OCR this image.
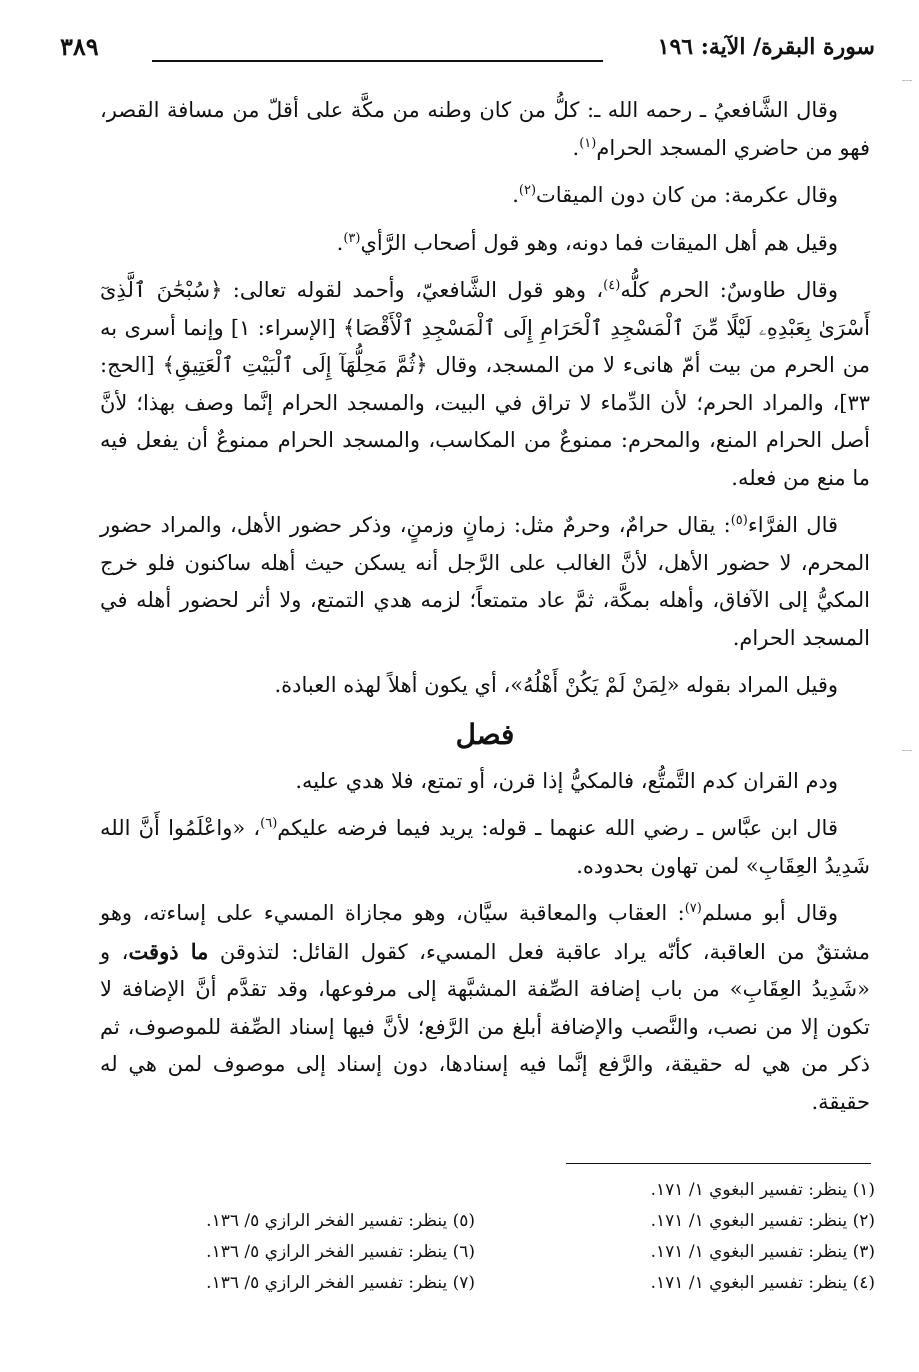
سورة البقرة/ الآية: ١٩٦
٣٨٩

وقال الشَّافعيُ ـ رحمه الله ـ: كلُّ من كان وطنه من مكَّة على أقلّ من مسافة القصر، فهو من حاضري المسجد الحرام$^{(١)}$.

وقال عكرمة: من كان دون الميقات$^{(٢)}$.

وقيل هم أهل الميقات فما دونه، وهو قول أصحاب الرَّأي$^{(٣)}$.

وقال طاوسٌ: الحرم كلُّه$^{(٤)}$، وهو قول الشَّافعيّ، وأحمد لقوله تعالى: ﴿سُبْحَٰنَ ٱلَّذِىٓ أَسْرَىٰ بِعَبْدِهِۦ لَيْلًا مِّنَ ٱلْمَسْجِدِ ٱلْحَرَامِ إِلَى ٱلْمَسْجِدِ ٱلْأَقْصَا﴾ [الإسراء: ١] وإنما أسرى به من الحرم من بيت أمّ هانىء لا من المسجد، وقال ﴿ثُمَّ مَحِلُّهَآ إِلَى ٱلْبَيْتِ ٱلْعَتِيقِ﴾ [الحج: ٣٣]، والمراد الحرم؛ لأن الدِّماء لا تراق في البيت، والمسجد الحرام إنَّما وصف بهذا؛ لأنَّ أصل الحرام المنع، والمحرم: ممنوعٌ من المكاسب، والمسجد الحرام ممنوعٌ أن يفعل فيه ما منع من فعله.

قال الفرَّاء$^{(٥)}$: يقال حرامٌ، وحرمٌ مثل: زمانٍ وزمنٍ، وذكر حضور الأهل، والمراد حضور المحرم، لا حضور الأهل، لأنَّ الغالب على الرَّجل أنه يسكن حيث أهله ساكنون فلو خرج المكيُّ إلى الآفاق، وأهله بمكَّة، ثمَّ عاد متمتعاً؛ لزمه هدي التمتع، ولا أثر لحضور أهله في المسجد الحرام.

وقيل المراد بقوله «لِمَنْ لَمْ يَكُنْ أَهْلُهُ»، أي يكون أهلاً لهذه العبادة.

فصل

ودم القران كدم التَّمتُّع، فالمكيُّ إذا قرن، أو تمتع، فلا هدي عليه.

قال ابن عبَّاس ـ رضي الله عنهما ـ قوله: يريد فيما فرضه عليكم$^{(٦)}$، «واعْلَمُوا أَنَّ الله شَدِيدُ العِقَابِ» لمن تهاون بحدوده.

وقال أبو مسلم$^{(٧)}$: العقاب والمعاقبة سيَّان، وهو مجازاة المسيء على إساءته، وهو مشتقٌ من العاقبة، كأنّه يراد عاقبة فعل المسيء، كقول القائل: لتذوقن ما ذوقت، و «شَدِيدُ العِقَابِ» من باب إضافة الصِّفة المشبَّهة إلى مرفوعها، وقد تقدَّم أنَّ الإضافة لا تكون إلا من نصب، والنَّصب والإضافة أبلغ من الرَّفع؛ لأنَّ فيها إسناد الصِّفة للموصوف، ثم ذكر من هي له حقيقة، والرَّفع إنَّما فيه إسنادها، دون إسناد إلى موصوف لمن هي له حقيقة.

(١) ينظر: تفسير البغوي ١/ ١٧١.
(٢) ينظر: تفسير البغوي ١/ ١٧١.
(٣) ينظر: تفسير البغوي ١/ ١٧١.
(٤) ينظر: تفسير البغوي ١/ ١٧١.
(٥) ينظر: تفسير الفخر الرازي ٥/ ١٣٦.
(٦) ينظر: تفسير الفخر الرازي ٥/ ١٣٦.
(٧) ينظر: تفسير الفخر الرازي ٥/ ١٣٦.
